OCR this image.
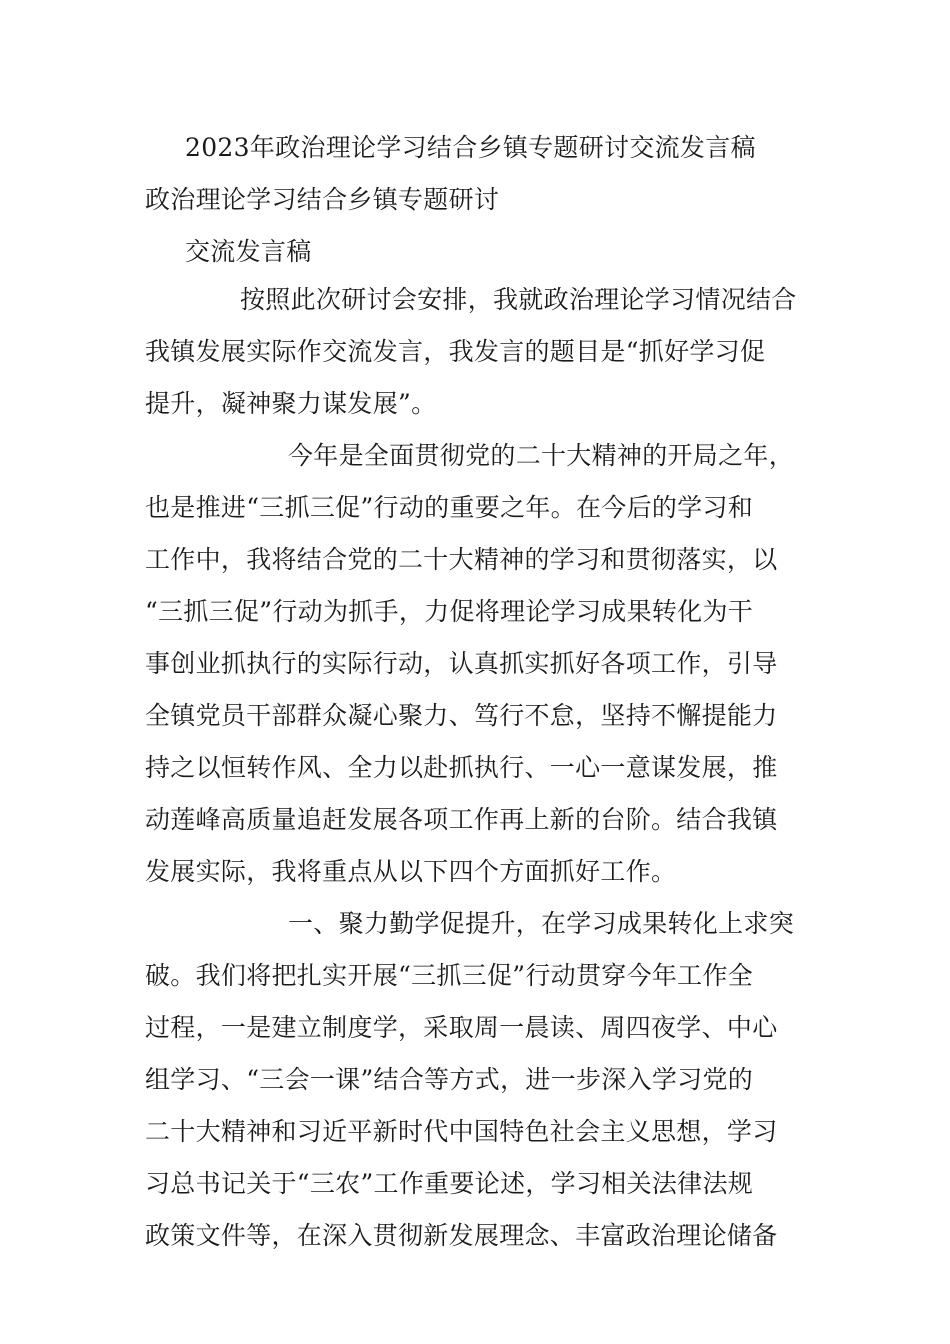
2023年政治理论学习结合乡镇专题研讨交流发言稿
政治理论学习结合乡镇专题研讨
交流发言稿
按照此次研讨会安排，我就政治理论学习情况结合
我镇发展实际作交流发言，我发言的题目是“抓好学习促
提升，凝神聚力谋发展”。
今年是全面贯彻党的二十大精神的开局之年，
也是推进“三抓三促”行动的重要之年。在今后的学习和
工作中，我将结合党的二十大精神的学习和贯彻落实，以
“三抓三促”行动为抓手，力促将理论学习成果转化为干
事创业抓执行的实际行动，认真抓实抓好各项工作，引导
全镇党员干部群众凝心聚力、笃行不怠，坚持不懈提能力
持之以恒转作风、全力以赴抓执行、一心一意谋发展，推
动莲峰高质量追赶发展各项工作再上新的台阶。结合我镇
发展实际，我将重点从以下四个方面抓好工作。
一、聚力勤学促提升，在学习成果转化上求突
破。我们将把扎实开展“三抓三促”行动贯穿今年工作全
过程，一是建立制度学，采取周一晨读、周四夜学、中心
组学习、“三会一课”结合等方式，进一步深入学习党的
二十大精神和习近平新时代中国特色社会主义思想，学习
习总书记关于“三农”工作重要论述，学习相关法律法规
政策文件等，在深入贯彻新发展理念、丰富政治理论储备
